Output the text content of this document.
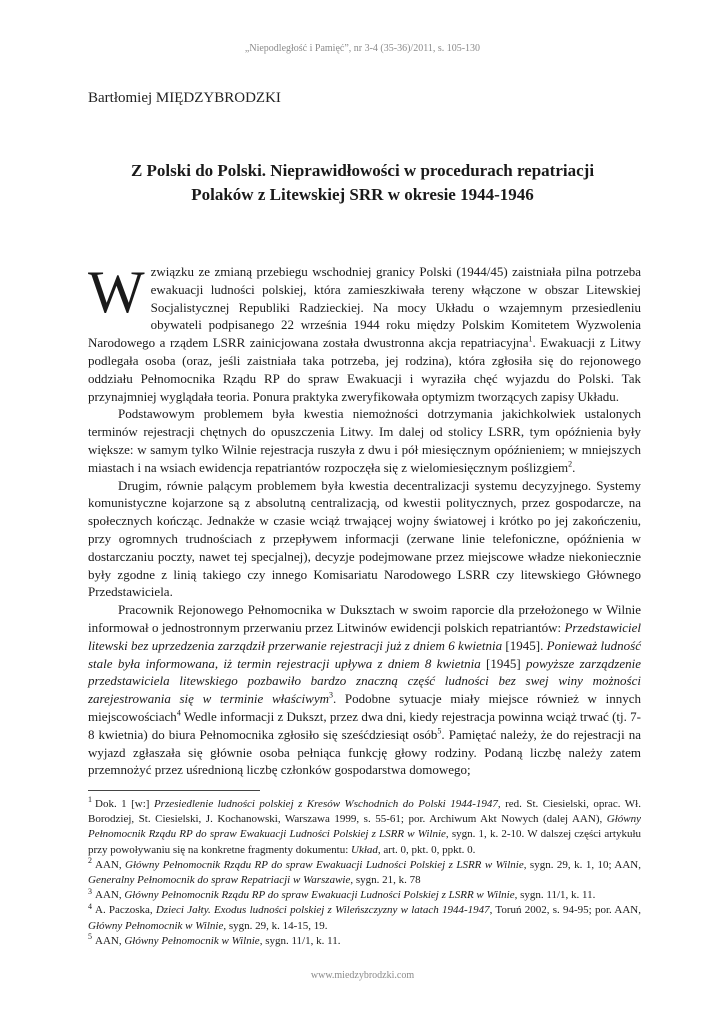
„Niepodległość i Pamięć”, nr 3-4 (35-36)/2011, s. 105-130
Bartłomiej MIĘDZYBRODZKI
Z Polski do Polski. Nieprawidłowości w procedurach repatriacji
Polaków z Litewskiej SRR w okresie 1944-1946

W związku ze zmianą przebiegu wschodniej granicy Polski (1944/45) zaistniała pilna potrzeba ewakuacji ludności polskiej, która zamieszkiwała tereny włączone w obszar Litewskiej Socjalistycznej Republiki Radzieckiej. Na mocy Układu o wzajemnym przesiedleniu obywateli podpisanego 22 września 1944 roku między Polskim Komitetem Wyzwolenia Narodowego a rządem LSRR zainicjowana została dwustronna akcja repatriacyjna$^1$. Ewakuacji z Litwy podlegała osoba (oraz, jeśli zaistniała taka potrzeba, jej rodzina), która zgłosiła się do rejonowego oddziału Pełnomocnika Rządu RP do spraw Ewakuacji i wyraziła chęć wyjazdu do Polski. Tak przynajmniej wyglądała teoria. Ponura praktyka zweryfikowała optymizm tworzących zapisy Układu.

Podstawowym problemem była kwestia niemożności dotrzymania jakichkolwiek ustalonych terminów rejestracji chętnych do opuszczenia Litwy. Im dalej od stolicy LSRR, tym opóźnienia były większe: w samym tylko Wilnie rejestracja ruszyła z dwu i pół miesięcznym opóźnieniem; w mniejszych miastach i na wsiach ewidencja repatriantów rozpoczęła się z wielomiesięcznym poślizgiem$^2$.

Drugim, równie palącym problemem była kwestia decentralizacji systemu decyzyjnego. Systemy komunistyczne kojarzone są z absolutną centralizacją, od kwestii politycznych, przez gospodarcze, na społecznych kończąc. Jednakże w czasie wciąż trwającej wojny światowej i krótko po jej zakończeniu, przy ogromnych trudnościach z przepływem informacji (zerwane linie telefoniczne, opóźnienia w dostarczaniu poczty, nawet tej specjalnej), decyzje podejmowane przez miejscowe władze niekoniecznie były zgodne z linią takiego czy innego Komisariatu Narodowego LSRR czy litewskiego Głównego Przedstawiciela.

Pracownik Rejonowego Pełnomocnika w Duksztach w swoim raporcie dla przełożonego w Wilnie informował o jednostronnym przerwaniu przez Litwinów ewidencji polskich repatriantów: Przedstawiciel litewski bez uprzedzenia zarządził przerwanie rejestracji już z dniem 6 kwietnia [1945]. Ponieważ ludność stale była informowana, iż termin rejestracji upływa z dniem 8 kwietnia [1945] powyższe zarządzenie przedstawiciela litewskiego pozbawiło bardzo znaczną część ludności bez swej winy możności zarejestrowania się w terminie właściwym$^3$. Podobne sytuacje miały miejsce również w innych miejscowościach$^4$ Wedle informacji z Dukszt, przez dwa dni, kiedy rejestracja powinna wciąż trwać (tj. 7-8 kwietnia) do biura Pełnomocnika zgłosiło się sześćdziesiąt osób$^5$. Pamiętać należy, że do rejestracji na wyjazd zgłaszała się głównie osoba pełniąca funkcję głowy rodziny. Podaną liczbę należy zatem przemnożyć przez uśrednioną liczbę członków gospodarstwa domowego;

$^1$ Dok. 1 [w:] Przesiedlenie ludności polskiej z Kresów Wschodnich do Polski 1944-1947, red. St. Ciesielski, oprac. Wł. Borodziej, St. Ciesielski, J. Kochanowski, Warszawa 1999, s. 55-61; por. Archiwum Akt Nowych (dalej AAN), Główny Pełnomocnik Rządu RP do spraw Ewakuacji Ludności Polskiej z LSRR w Wilnie, sygn. 1, k. 2-10. W dalszej części artykułu przy powoływaniu się na konkretne fragmenty dokumentu: Układ, art. 0, pkt. 0, ppkt. 0.
$^2$ AAN, Główny Pełnomocnik Rządu RP do spraw Ewakuacji Ludności Polskiej z LSRR w Wilnie, sygn. 29, k. 1, 10; AAN, Generalny Pełnomocnik do spraw Repatriacji w Warszawie, sygn. 21, k. 78
$^3$ AAN, Główny Pełnomocnik Rządu RP do spraw Ewakuacji Ludności Polskiej z LSRR w Wilnie, sygn. 11/1, k. 11.
$^4$ A. Paczoska, Dzieci Jałty. Exodus ludności polskiej z Wileńszczyzny w latach 1944-1947, Toruń 2002, s. 94-95; por. AAN, Główny Pełnomocnik w Wilnie, sygn. 29, k. 14-15, 19.
$^5$ AAN, Główny Pełnomocnik w Wilnie, sygn. 11/1, k. 11.
www.miedzybrodzki.com
